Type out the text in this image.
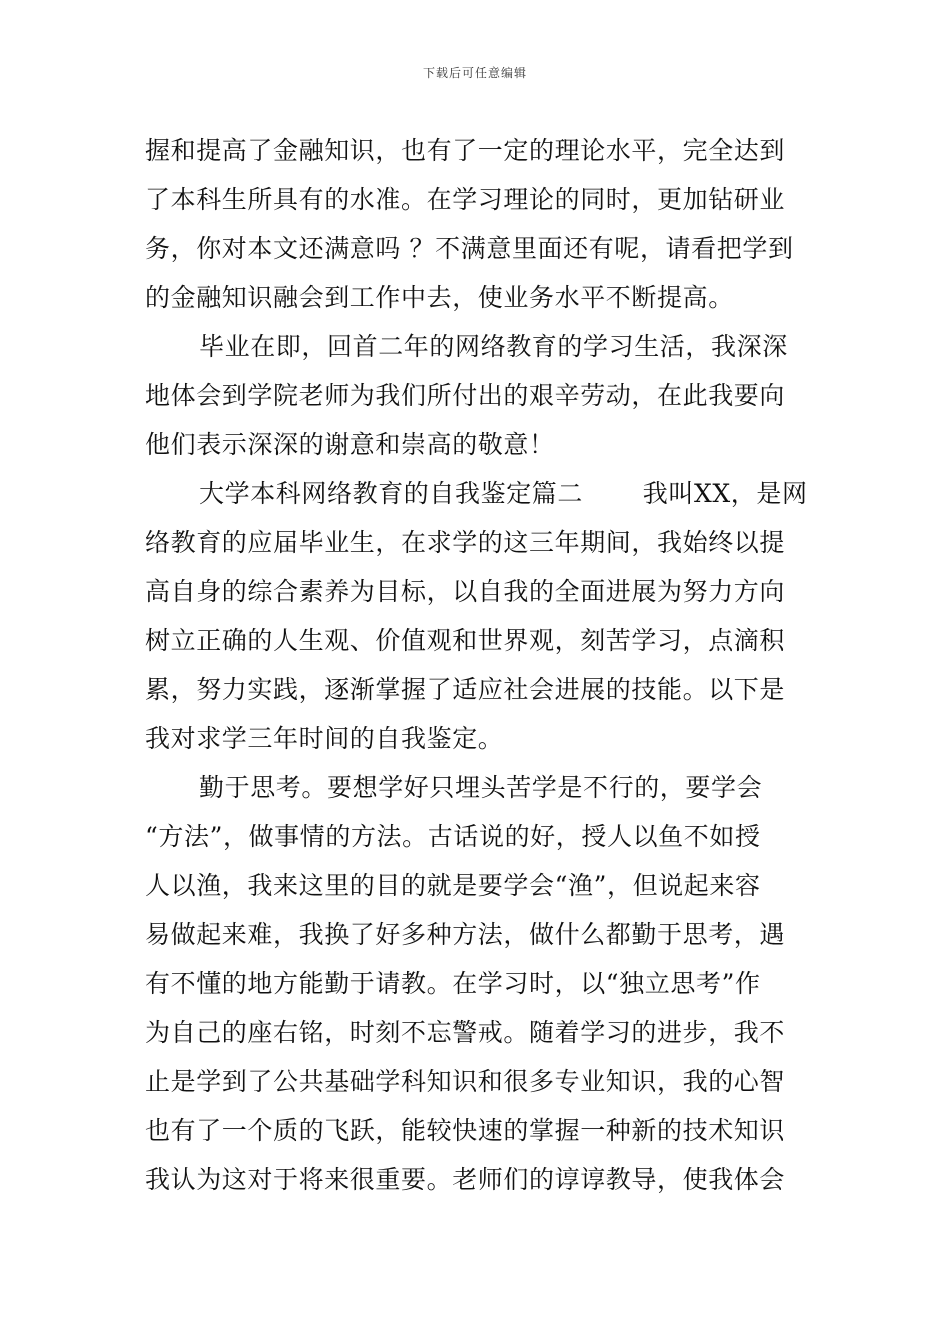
下载后可任意编辑
握和提高了金融知识，也有了一定的理论水平，完全达到
了本科生所具有的水准。在学习理论的同时，更加钻研业
务，你对本文还满意吗 ？不满意里面还有呢，请看把学到
的金融知识融会到工作中去，使业务水平不断提高。
毕业在即，回首二年的网络教育的学习生活，我深深
地体会到学院老师为我们所付出的艰辛劳动，在此我要向
他们表示深深的谢意和崇高的敬意！
大学本科网络教育的自我鉴定篇二　　 我叫XX，是网
络教育的应届毕业生，在求学的这三年期间，我始终以提
高自身的综合素养为目标，以自我的全面进展为努力方向
树立正确的人生观、价值观和世界观，刻苦学习，点滴积
累，努力实践，逐渐掌握了适应社会进展的技能。以下是
我对求学三年时间的自我鉴定。
勤于思考。要想学好只埋头苦学是不行的，要学会
“方法”，做事情的方法。古话说的好，授人以鱼不如授
人以渔，我来这里的目的就是要学会“渔”，但说起来容
易做起来难，我换了好多种方法，做什么都勤于思考，遇
有不懂的地方能勤于请教。在学习时，以“独立思考”作
为自己的座右铭，时刻不忘警戒。随着学习的进步，我不
止是学到了公共基础学科知识和很多专业知识，我的心智
也有了一个质的飞跃，能较快速的掌握一种新的技术知识
我认为这对于将来很重要。老师们的谆谆教导，使我体会
